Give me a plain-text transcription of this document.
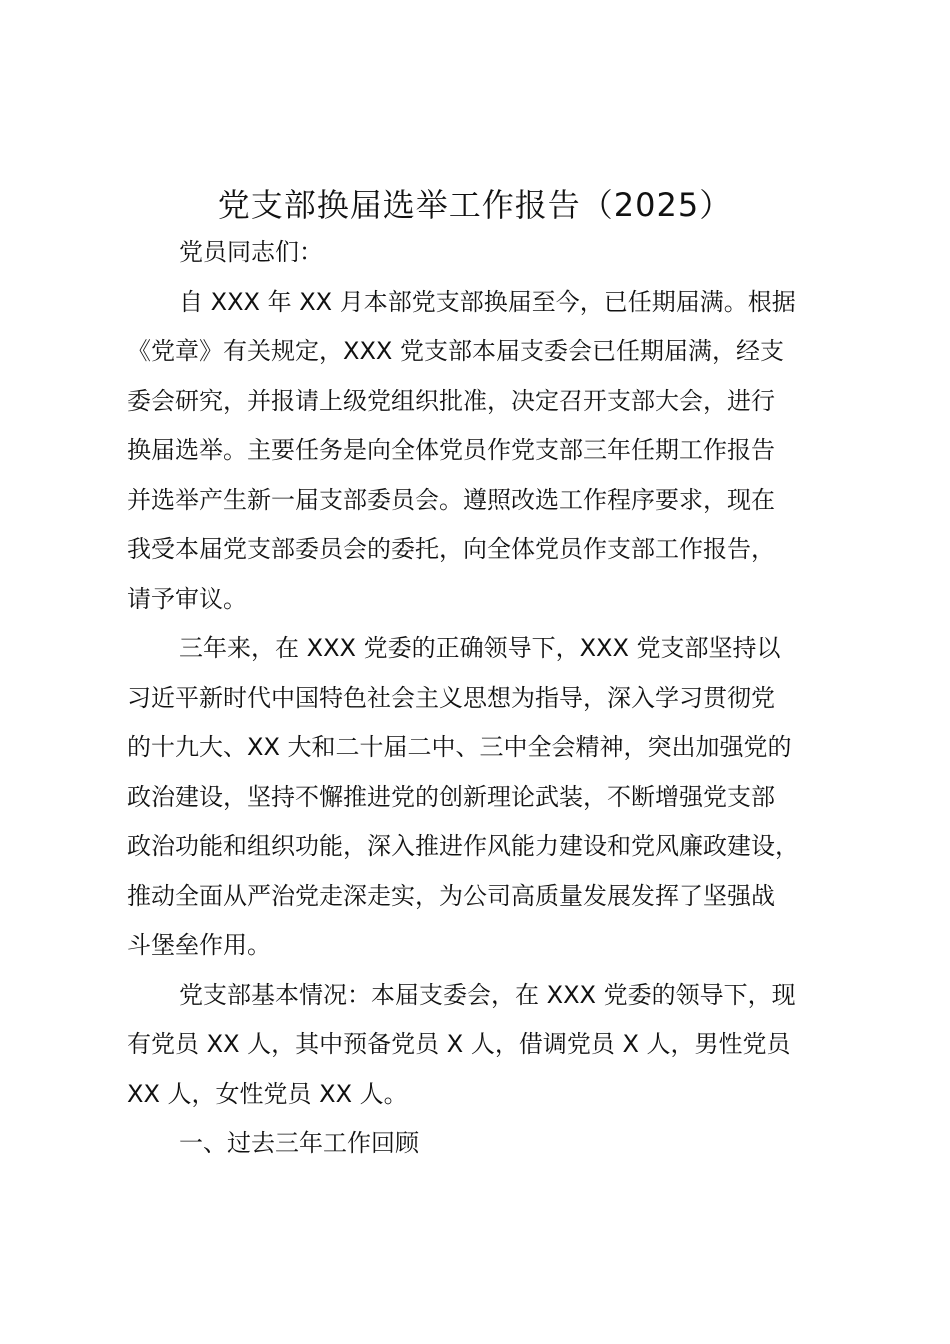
党支部换届选举工作报告（2025）
党员同志们：
自 XXX 年 XX 月本部党支部换届至今，已任期届满。根据
《党章》有关规定，XXX 党支部本届支委会已任期届满，经支
委会研究，并报请上级党组织批准，决定召开支部大会，进行
换届选举。主要任务是向全体党员作党支部三年任期工作报告
并选举产生新一届支部委员会。遵照改选工作程序要求，现在
我受本届党支部委员会的委托，向全体党员作支部工作报告，
请予审议。
三年来，在 XXX 党委的正确领导下，XXX 党支部坚持以
习近平新时代中国特色社会主义思想为指导，深入学习贯彻党
的十九大、XX 大和二十届二中、三中全会精神，突出加强党的
政治建设，坚持不懈推进党的创新理论武装，不断增强党支部
政治功能和组织功能，深入推进作风能力建设和党风廉政建设，
推动全面从严治党走深走实，为公司高质量发展发挥了坚强战
斗堡垒作用。
党支部基本情况：本届支委会，在 XXX 党委的领导下，现
有党员 XX 人，其中预备党员 X 人，借调党员 X 人，男性党员
XX 人，女性党员 XX 人。
一、过去三年工作回顾
